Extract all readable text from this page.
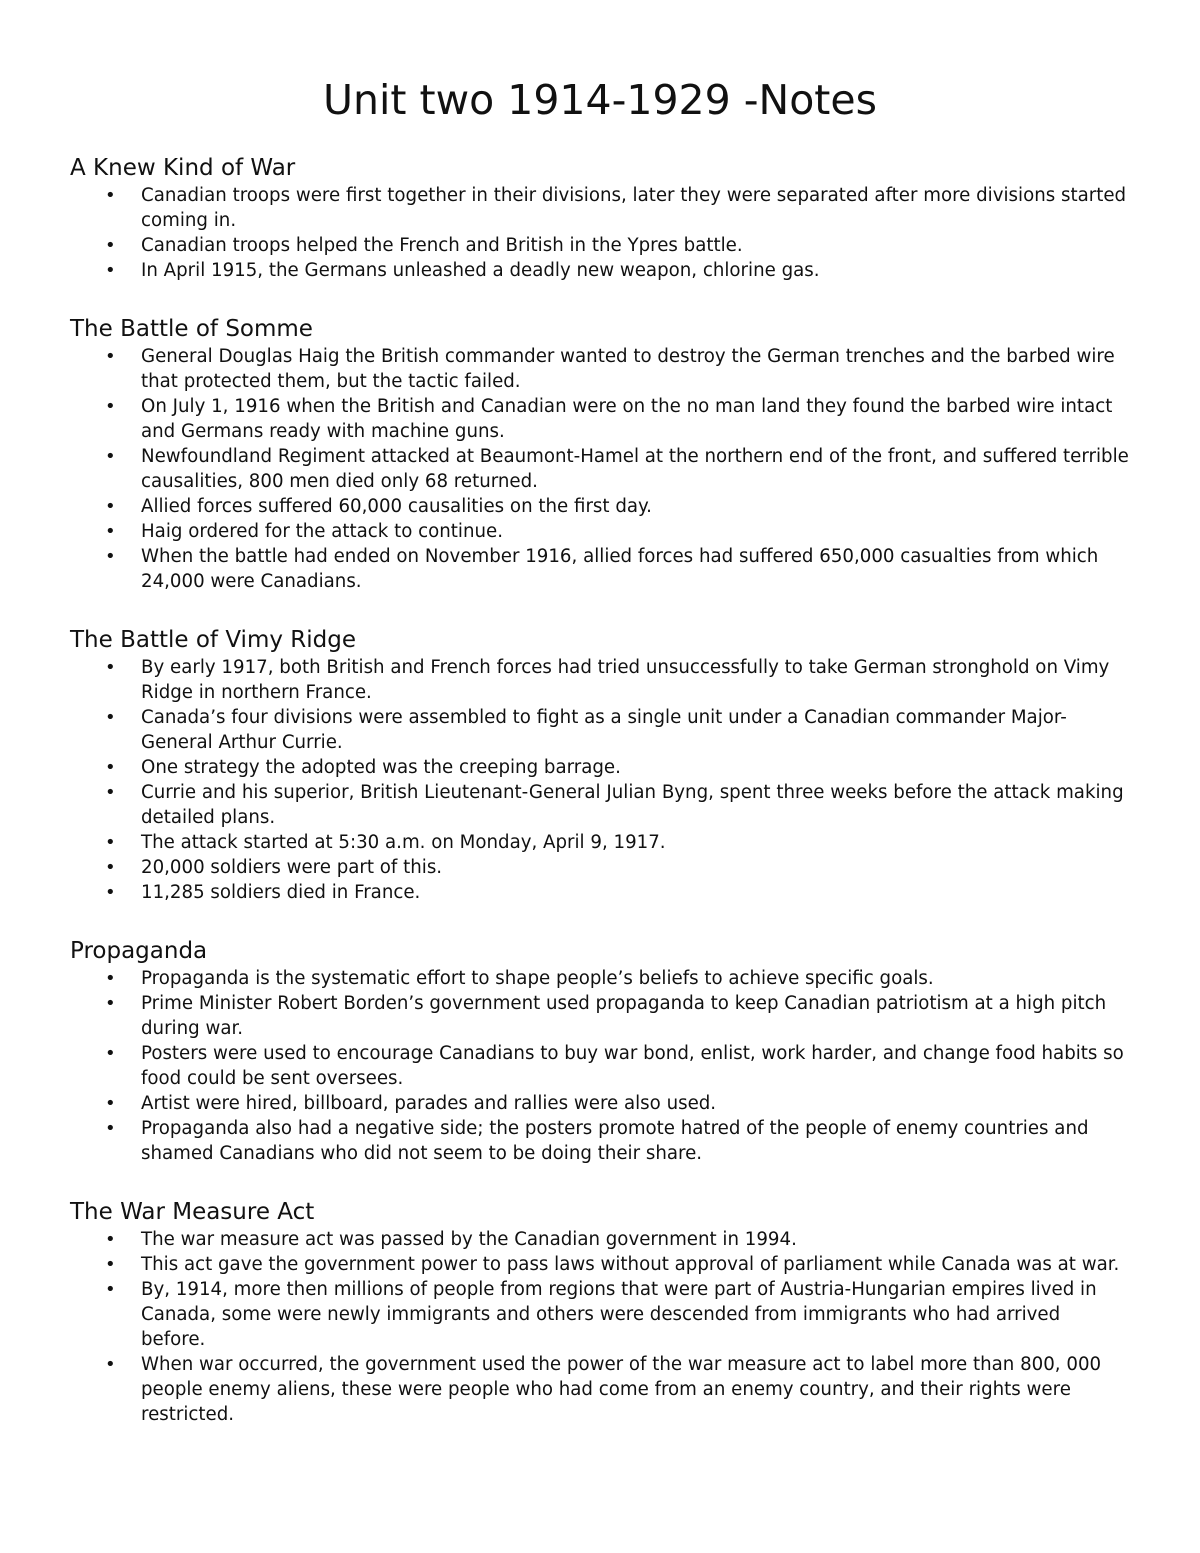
Unit two 1914-1929 -Notes
A Knew Kind of War
• Canadian troops were first together in their divisions, later they were separated after more divisions started coming in.
• Canadian troops helped the French and British in the Ypres battle.
• In April 1915, the Germans unleashed a deadly new weapon, chlorine gas.
The Battle of Somme
• General Douglas Haig the British commander wanted to destroy the German trenches and the barbed wire that protected them, but the tactic failed.
• On July 1, 1916 when the British and Canadian were on the no man land they found the barbed wire intact and Germans ready with machine guns.
• Newfoundland Regiment attacked at Beaumont-Hamel at the northern end of the front, and suffered terrible causalities, 800 men died only 68 returned.
• Allied forces suffered 60,000 causalities on the first day.
• Haig ordered for the attack to continue.
• When the battle had ended on November 1916, allied forces had suffered 650,000 casualties from which 24,000 were Canadians.
The Battle of Vimy Ridge
• By early 1917, both British and French forces had tried unsuccessfully to take German stronghold on Vimy Ridge in northern France.
• Canada’s four divisions were assembled to fight as a single unit under a Canadian commander Major-General Arthur Currie.
• One strategy the adopted was the creeping barrage.
• Currie and his superior, British Lieutenant-General Julian Byng, spent three weeks before the attack making detailed plans.
• The attack started at 5:30 a.m. on Monday, April 9, 1917.
• 20,000 soldiers were part of this.
• 11,285 soldiers died in France.
Propaganda
• Propaganda is the systematic effort to shape people’s beliefs to achieve specific goals.
• Prime Minister Robert Borden’s government used propaganda to keep Canadian patriotism at a high pitch during war.
• Posters were used to encourage Canadians to buy war bond, enlist, work harder, and change food habits so food could be sent oversees.
• Artist were hired, billboard, parades and rallies were also used.
• Propaganda also had a negative side; the posters promote hatred of the people of enemy countries and shamed Canadians who did not seem to be doing their share.
The War Measure Act
• The war measure act was passed by the Canadian government in 1994.
• This act gave the government power to pass laws without approval of parliament while Canada was at war.
• By, 1914, more then millions of people from regions that were part of Austria-Hungarian empires lived in Canada, some were newly immigrants and others were descended from immigrants who had arrived before.
• When war occurred, the government used the power of the war measure act to label more than 800, 000 people enemy aliens, these were people who had come from an enemy country, and their rights were restricted.
